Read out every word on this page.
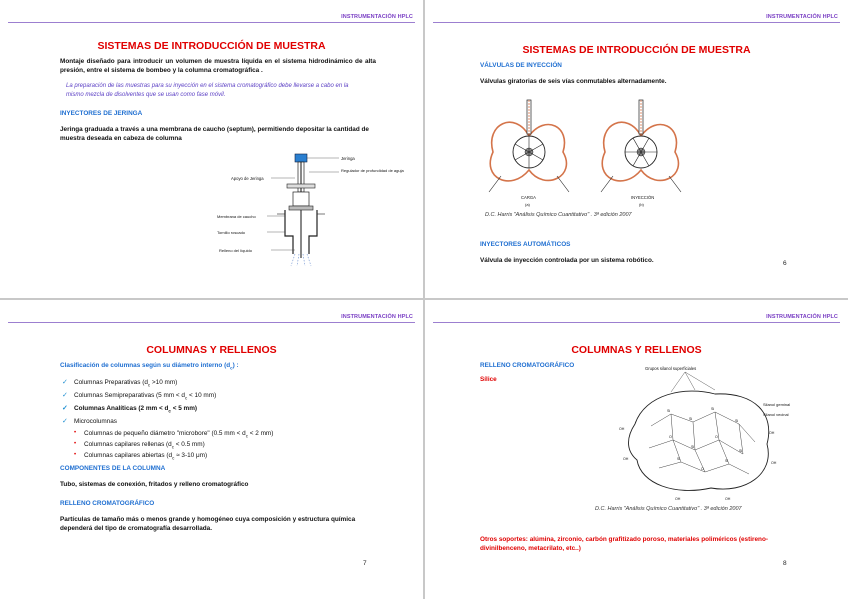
INSTRUMENTACIÓN HPLC
SISTEMAS DE INTRODUCCIÓN DE MUESTRA
Montaje diseñado para introducir un volumen de muestra líquida en el sistema hidrodinámico de alta presión, entre el sistema de bombeo y la columna cromatográfica .
La preparación de las muestras para su inyección en el sistema cromatográfico debe llevarse a cabo en la mismo mezcla de disolventes que se usan como fase móvil.
INYECTORES DE JERINGA
Jeringa graduada a través a una membrana de caucho (septum), permitiendo depositar la cantidad de muestra deseada en cabeza de columna
Jeringa
Apoyo de Jeringa
Regulador de profundidad de aguja
Membrana de caucho
Tornillo roscado
Relleno del líquido
INSTRUMENTACIÓN HPLC
SISTEMAS DE INTRODUCCIÓN DE MUESTRA
VÁLVULAS DE INYECCIÓN
Válvulas giratorias de seis vías conmutables alternadamente.
CARGA
(a)
INYECCIÓN
(b)
D.C. Harris "Análisis Químico Cuantitativo" . 3ª edición 2007
INYECTORES AUTOMÁTICOS
Válvula de inyección controlada por un sistema robótico.	6
INSTRUMENTACIÓN HPLC
COLUMNAS Y RELLENOS
Clasificación de columnas según su diámetro interno $(d_c)$ :
✓ Columnas Preparativas ($d_c >10$ mm)
✓ Columnas Semipreparativas (5 mm < $d_c < 10$ mm)
✓ Columnas Analíticas (2 mm < $d_c < 5$ mm)
✓ Microcolumnas
• Columnas de pequeño diámetro "microbore" (0.5 mm < $d_c < 2$ mm)
• Columnas capilares rellenas ($d_c < 0.5$ mm)
• Columnas capilares abiertas ($d_c \approx 3-10$ μm)
COMPONENTES DE LA COLUMNA
Tubo, sistemas de conexión, fritados y relleno cromatográfico
RELLENO CROMATOGRÁFICO
Partículas de tamaño más o menos grande y homogéneo cuya composición y estructura química dependerá del tipo de cromatografía desarrollada.
7
INSTRUMENTACIÓN HPLC
COLUMNAS Y RELLENOS
RELLENO CROMATOGRÁFICO
Sílice
Grupos silanol superficiales
Si
Si
Si
Si
O
Si
O
Si
Si
O
Si
OH
OH
OH
OH
OH	OH
Silanol geminal
Silanol vecinal
D.C. Harris "Análisis Químico Cuantitativo" . 3ª edición 2007
Otros soportes: alúmina, zirconio, carbón grafitizado poroso, materiales poliméricos (estireno-divinilbenceno, metacrilato, etc..)
8
